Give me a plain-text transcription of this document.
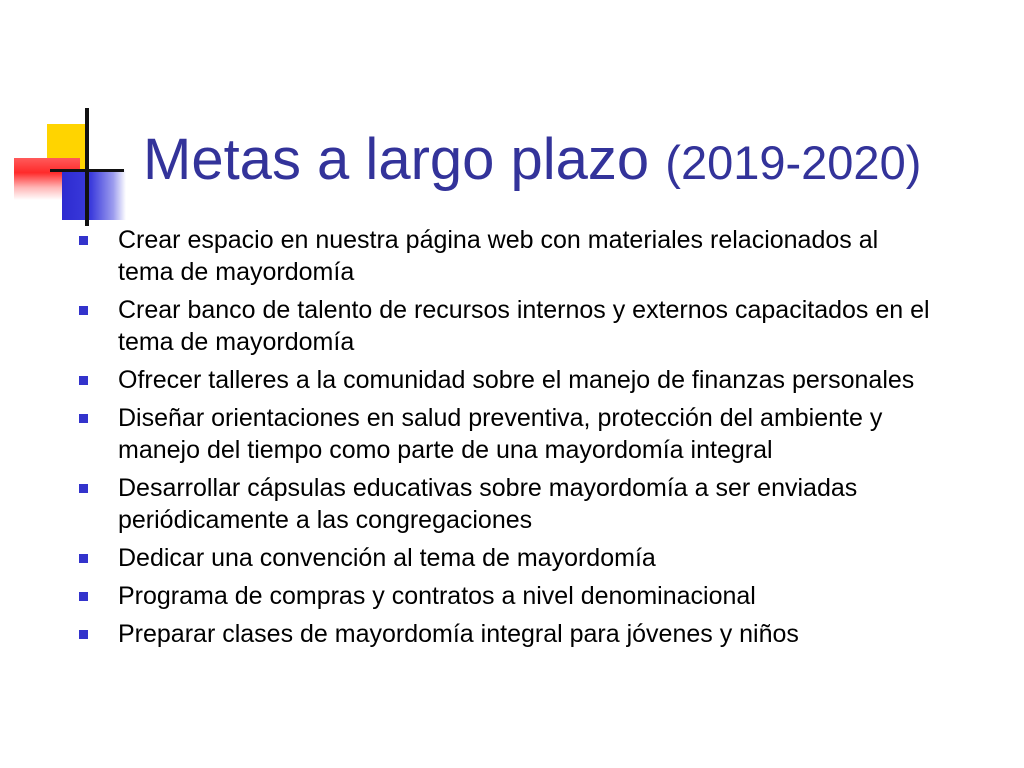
Metas a largo plazo (2019-2020)
Crear espacio en nuestra página web con materiales relacionados al tema de mayordomía
Crear banco de talento de recursos internos y externos capacitados en el tema de mayordomía
Ofrecer talleres a la comunidad sobre el manejo de finanzas personales
Diseñar orientaciones en salud preventiva, protección del ambiente y manejo del tiempo como parte de una mayordomía integral
Desarrollar cápsulas educativas sobre mayordomía a ser enviadas periódicamente a las congregaciones
Dedicar una convención al tema de mayordomía
Programa de compras y contratos a nivel denominacional
Preparar clases de mayordomía integral para jóvenes y niños
